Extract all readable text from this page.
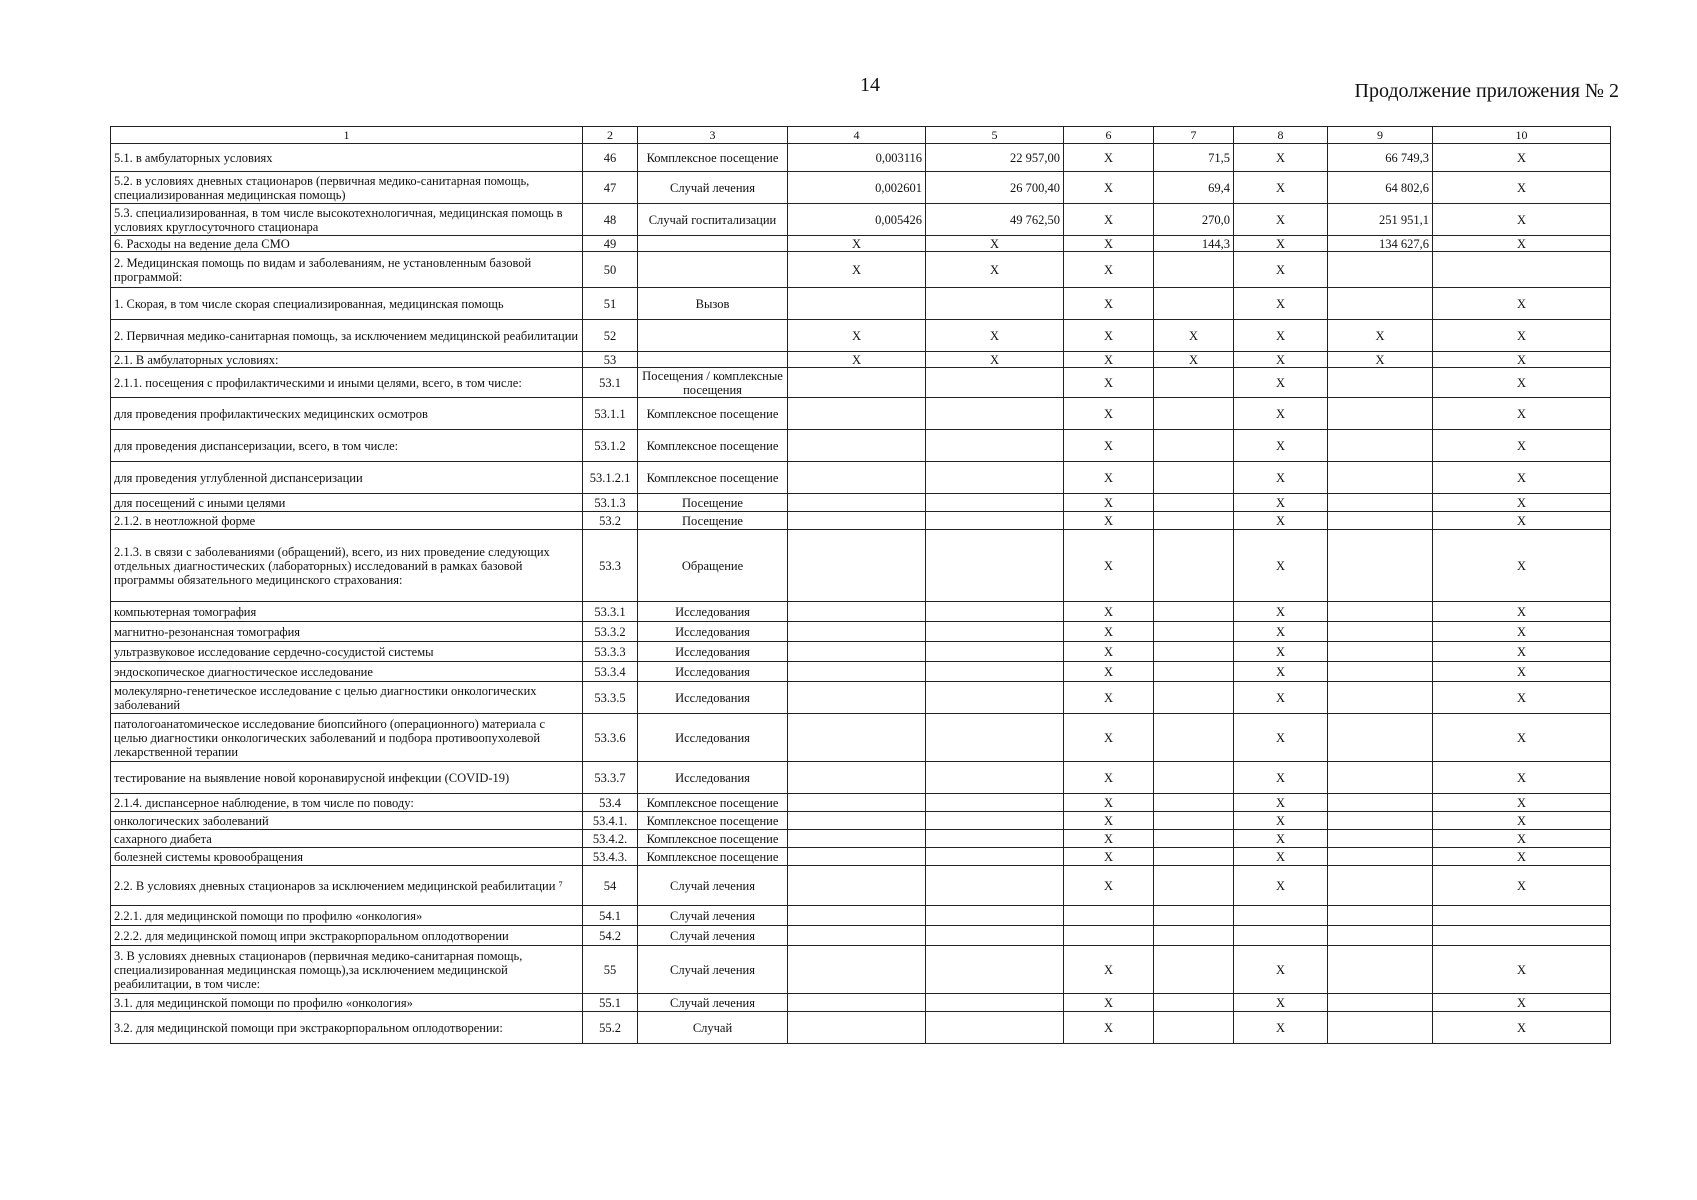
14	Продолжение приложения № 2
1	2	3	4	5	6	7	8	9	10
5.1. в амбулаторных условиях	46	Комплексное посещение	0,003116	22 957,00	X	71,5	X	66 749,3	X
5.2. в условиях дневных стационаров (первичная медико-санитарная помощь, специализированная медицинская помощь)	47	Случай лечения	0,002601	26 700,40	X	69,4	X	64 802,6	X
5.3. специализированная, в том числе высокотехнологичная, медицинская помощь в условиях круглосуточного стационара	48	Случай госпитализации	0,005426	49 762,50	X	270,0	X	251 951,1	X
6. Расходы на ведение дела СМО	49		X	X	X	144,3	X	134 627,6	X
2. Медицинская помощь по видам и заболеваниям, не установленным базовой программой:	50		X	X	X		X		
1. Скорая, в том числе скорая специализированная, медицинская помощь	51	Вызов			X		X		X
2. Первичная медико-санитарная помощь, за исключением медицинской реабилитации	52		X	X	X	X	X	X	X
2.1. В амбулаторных условиях:	53		X	X	X	X	X	X	X
2.1.1. посещения с профилактическими и иными целями, всего, в том числе:	53.1	Посещения / комплексные посещения			X		X		X
для проведения профилактических медицинских осмотров	53.1.1	Комплексное посещение			X		X		X
для проведения диспансеризации, всего, в том числе:	53.1.2	Комплексное посещение			X		X		X
для проведения углубленной диспансеризации	53.1.2.1	Комплексное посещение			X		X		X
для посещений с иными целями	53.1.3	Посещение			X		X		X
2.1.2. в неотложной форме	53.2	Посещение			X		X		X
2.1.3. в связи с заболеваниями (обращений), всего, из них проведение следующих отдельных диагностических (лабораторных) исследований в рамках базовой программы обязательного медицинского страхования:	53.3	Обращение			X		X		X
компьютерная томография	53.3.1	Исследования			X		X		X
магнитно-резонансная томография	53.3.2	Исследования			X		X		X
ультразвуковое исследование сердечно-сосудистой системы	53.3.3	Исследования			X		X		X
эндоскопическое диагностическое исследование	53.3.4	Исследования			X		X		X
молекулярно-генетическое исследование с целью диагностики онкологических заболеваний	53.3.5	Исследования			X		X		X
патологоанатомическое исследование биопсийного (операционного) материала с целью диагностики онкологических заболеваний и подбора противоопухолевой лекарственной терапии	53.3.6	Исследования			X		X		X
тестирование на выявление новой коронавирусной инфекции (COVID-19)	53.3.7	Исследования			X		X		X
2.1.4. диспансерное наблюдение, в том числе по поводу:	53.4	Комплексное посещение			X		X		X
онкологических заболеваний	53.4.1.	Комплексное посещение			X		X		X
сахарного диабета	53.4.2.	Комплексное посещение			X		X		X
болезней системы кровообращения	53.4.3.	Комплексное посещение			X		X		X
2.2. В условиях дневных стационаров за исключением медицинской реабилитации ⁷	54	Случай лечения			X		X		X
2.2.1. для медицинской помощи по профилю «онкология»	54.1	Случай лечения							
2.2.2. для медицинской помощ ипри экстракорпоральном оплодотворении	54.2	Случай лечения							
3. В условиях дневных стационаров (первичная медико-санитарная помощь, специализированная медицинская помощь),за исключением медицинской реабилитации, в том числе:	55	Случай лечения			X		X		X
3.1. для медицинской помощи по профилю «онкология»	55.1	Случай лечения			X		X		X
3.2. для медицинской помощи при экстракорпоральном оплодотворении:	55.2	Случай			X		X		X
